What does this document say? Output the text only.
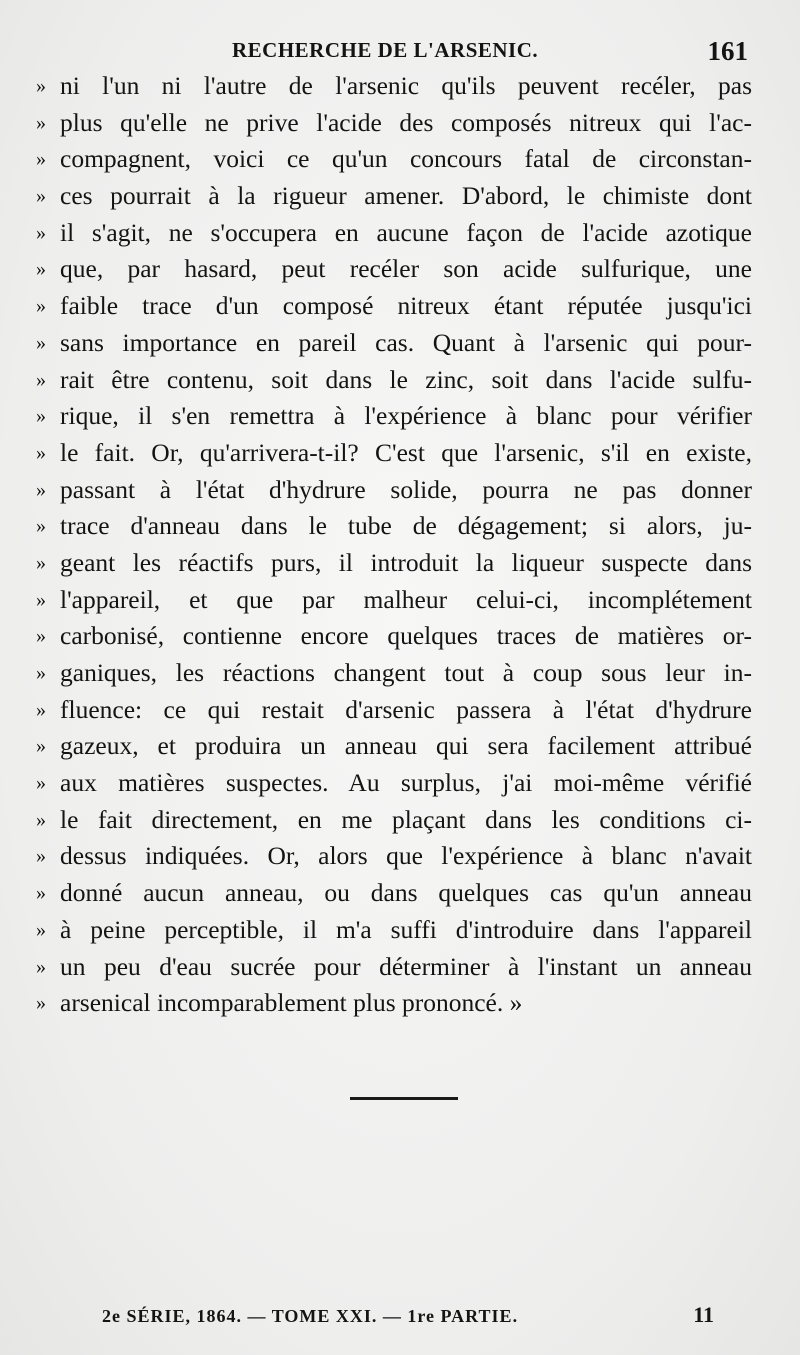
RECHERCHE DE L'ARSENIC.	161
» ni l'un ni l'autre de l'arsenic qu'ils peuvent recéler, pas
» plus qu'elle ne prive l'acide des composés nitreux qui l'ac-
» compagnent, voici ce qu'un concours fatal de circonstan-
» ces pourrait à la rigueur amener. D'abord, le chimiste dont
» il s'agit, ne s'occupera en aucune façon de l'acide azotique
» que, par hasard, peut recéler son acide sulfurique, une
» faible trace d'un composé nitreux étant réputée jusqu'ici
» sans importance en pareil cas. Quant à l'arsenic qui pour-
» rait être contenu, soit dans le zinc, soit dans l'acide sulfu-
» rique, il s'en remettra à l'expérience à blanc pour vérifier
» le fait. Or, qu'arrivera-t-il? C'est que l'arsenic, s'il en existe,
» passant à l'état d'hydrure solide, pourra ne pas donner
» trace d'anneau dans le tube de dégagement; si alors, ju-
» geant les réactifs purs, il introduit la liqueur suspecte dans
» l'appareil, et que par malheur celui-ci, incomplétement
» carbonisé, contienne encore quelques traces de matières or-
» ganiques, les réactions changent tout à coup sous leur in-
» fluence: ce qui restait d'arsenic passera à l'état d'hydrure
» gazeux, et produira un anneau qui sera facilement attribué
» aux matières suspectes. Au surplus, j'ai moi-même vérifié
» le fait directement, en me plaçant dans les conditions ci-
» dessus indiquées. Or, alors que l'expérience à blanc n'avait
» donné aucun anneau, ou dans quelques cas qu'un anneau
» à peine perceptible, il m'a suffi d'introduire dans l'appareil
» un peu d'eau sucrée pour déterminer à l'instant un anneau
» arsenical incomparablement plus prononcé. »
2e SÉRIE, 1864. — TOME XXI. — 1re PARTIE.	11
